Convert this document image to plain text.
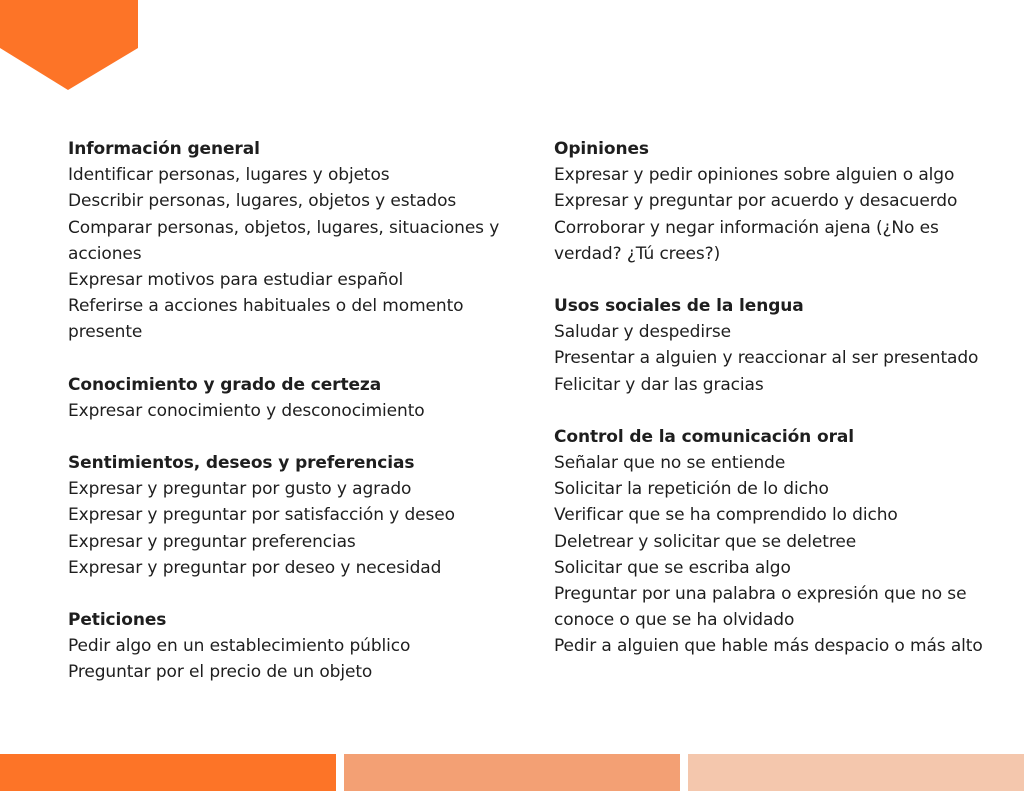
Información general
Identificar personas, lugares y objetos
Describir personas, lugares, objetos y estados
Comparar personas, objetos, lugares, situaciones y acciones
Expresar motivos para estudiar español
Referirse a acciones habituales o del momento presente
Conocimiento y grado de certeza
Expresar conocimiento y desconocimiento
Sentimientos, deseos y preferencias
Expresar y preguntar por gusto y agrado
Expresar y preguntar por satisfacción y deseo
Expresar y preguntar preferencias
Expresar y preguntar por deseo y necesidad
Peticiones
Pedir algo en un establecimiento público
Preguntar por el precio de un objeto
Opiniones
Expresar y pedir opiniones sobre alguien o algo
Expresar y preguntar por acuerdo y desacuerdo
Corroborar y negar información ajena (¿No es verdad? ¿Tú crees?)
Usos sociales de la lengua
Saludar y despedirse
Presentar a alguien y reaccionar al ser presentado
Felicitar y dar las gracias
Control de la comunicación oral
Señalar que no se entiende
Solicitar la repetición de lo dicho
Verificar que se ha comprendido lo dicho
Deletrear y solicitar que se deletree
Solicitar que se escriba algo
Preguntar por una palabra o expresión que no se conoce o que se ha olvidado
Pedir a alguien que hable más despacio o más alto
